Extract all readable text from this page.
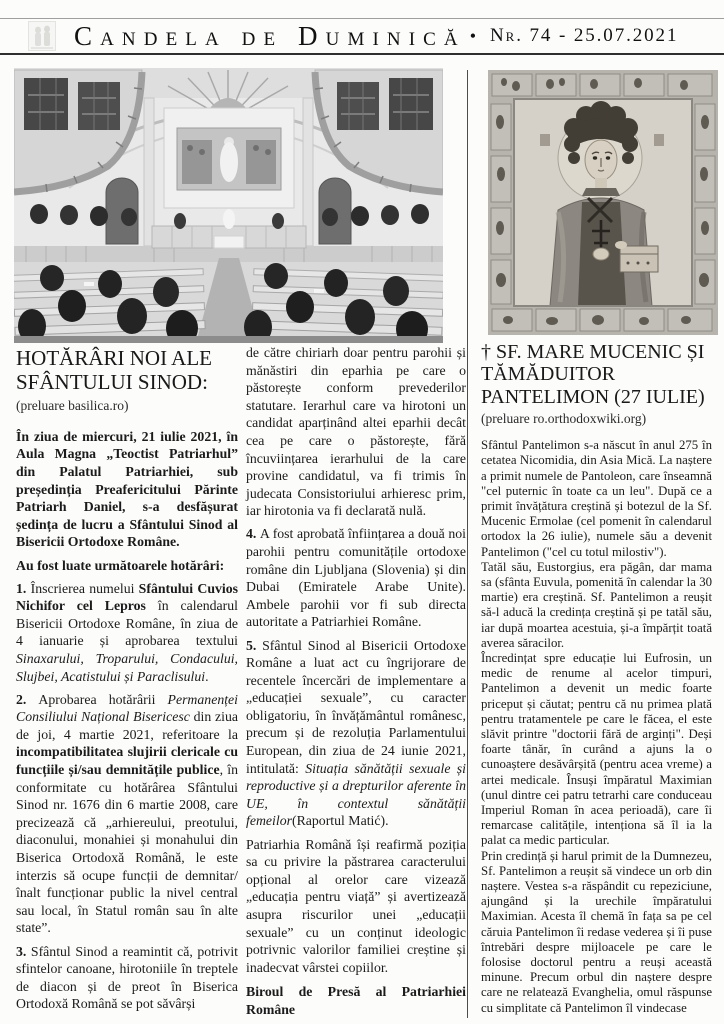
Candela de Duminică • Nr. 74 - 25.07.2021
HOTĂRÂRI NOI ALE SFÂNTULUI SINOD:
(preluare basilica.ro)

În ziua de miercuri, 21 iulie 2021, în Aula Magna „Teoctist Patriarhul” din Palatul Patriarhiei, sub președinția Preafericitului Părinte Patriarh Daniel, s-a desfășurat ședința de lucru a Sfântului Sinod al Bisericii Ortodoxe Române.

Au fost luate următoarele hotărâri:

1. Înscrierea numelui Sfântului Cuvios Nichifor cel Lepros în calendarul Bisericii Ortodoxe Române, în ziua de 4 ianuarie și aprobarea textului Sinaxarului, Troparului, Condacului, Slujbei, Acatistului și Paraclisului.

2. Aprobarea hotărârii Permanenței Consiliului Național Bisericesc din ziua de joi, 4 martie 2021, referitoare la incompatibilitatea slujirii clericale cu funcțiile și/sau demnitățile publice, în conformitate cu hotărârea Sfântului Sinod nr. 1676 din 6 martie 2008, care precizează că „arhiereului, preotului, diaconului, monahiei și monahului din Biserica Ortodoxă Română, le este interzis să ocupe funcții de demnitar/înalt funcționar public la nivel central sau local, în Statul român sau în alte state”.

3. Sfântul Sinod a reamintit că, potrivit sfintelor canoane, hirotoniile în treptele de diacon și de preot în Biserica Ortodoxă Română se pot săvârși

de către chiriarh doar pentru parohii și mănăstiri din eparhia pe care o păstorește conform prevederilor statutare. Ierarhul care va hirotoni un candidat aparținând altei eparhii decât cea pe care o păstorește, fără încuviințarea ierarhului de la care provine candidatul, va fi trimis în judecata Consistoriului arhieresc prim, iar hirotonia va fi declarată nulă.

4. A fost aprobată înființarea a două noi parohii pentru comunitățile ortodoxe române din Ljubljana (Slovenia) și din Dubai (Emiratele Arabe Unite). Ambele parohii vor fi sub directa autoritate a Patriarhiei Române.

5. Sfântul Sinod al Bisericii Ortodoxe Române a luat act cu îngrijorare de recentele încercări de implementare a „educației sexuale”, cu caracter obligatoriu, în învățământul românesc, precum și de rezoluția Parlamentului European, din ziua de 24 iunie 2021, intitulată: Situația sănătății sexuale și reproductive și a drepturilor aferente în UE, în contextul sănătății femeilor(Raportul Matić).

Patriarhia Română își reafirmă poziția sa cu privire la păstrarea caracterului opțional al orelor care vizează „educația pentru viață” și avertizează asupra riscurilor unei „educații sexuale” cu un conținut ideologic potrivnic valorilor familiei creștine și inadecvat vârstei copiilor.

Biroul de Presă al Patriarhiei Române

† SF. MARE MUCENIC ȘI TĂMĂDUITOR PANTELIMON (27 IULIE)
(preluare ro.orthodoxwiki.org)

Sfântul Pantelimon s-a născut în anul 275 în cetatea Nicomidia, din Asia Mică. La naștere a primit numele de Pantoleon, care înseamnă "cel puternic în toate ca un leu". După ce a primit învățătura creștină și botezul de la Sf. Mucenic Ermolae (cel pomenit în calendarul ortodox la 26 iulie), numele său a devenit Pantelimon ("cel cu totul milostiv").

Tatăl său, Eustorgius, era păgân, dar mama sa (sfânta Euvula, pomenită în calendar la 30 martie) era creștină. Sf. Pantelimon a reușit să-l aducă la credința creștină și pe tatăl său, iar după moartea acestuia, și-a împărțit toată averea săracilor.

Încredințat spre educație lui Eufrosin, un medic de renume al acelor timpuri, Pantelimon a devenit un medic foarte priceput și căutat; pentru că nu primea plată pentru tratamentele pe care le făcea, el este slăvit printre "doctorii fără de arginți". Deși foarte tânăr, în curând a ajuns la o cunoaștere desăvârșită (pentru acea vreme) a artei medicale. Însuși împăratul Maximian (unul dintre cei patru tetrarhi care conduceau Imperiul Roman în acea perioadă), care îi remarcase calitățile, intenționa să îl ia la palat ca medic particular.

Prin credință și harul primit de la Dumnezeu, Sf. Pantelimon a reușit să vindece un orb din naștere. Vestea s-a răspândit cu repeziciune, ajungând și la urechile împăratului Maximian. Acesta îl chemă în fața sa pe cel căruia Pantelimon îi redase vederea și îi puse întrebări despre mijloacele pe care le folosise doctorul pentru a reuși această minune. Precum orbul din naștere despre care ne relatează Evanghelia, omul răspunse cu simplitate că Pantelimon îl vindecase
